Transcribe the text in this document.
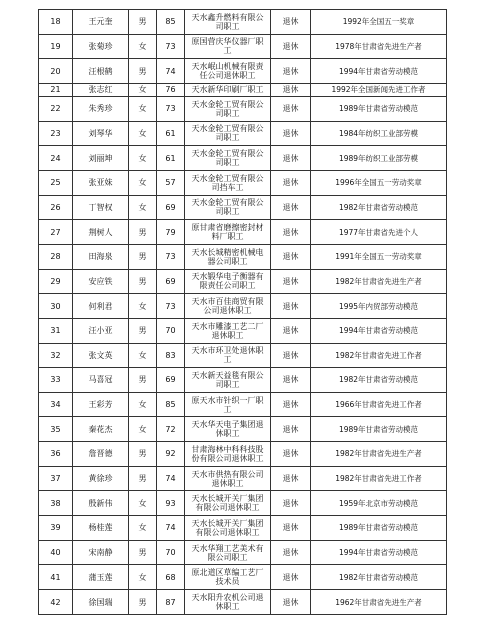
18	王元奎	男	85	天水鑫升燃料有限公司职工	退休	1992年全国五一奖章
19	张菊珍	女	73	原国营庆华仪器厂职工	退休	1978年甘肃省先进生产者
20	汪根鹤	男	74	天水岷山机械有限责任公司退休职工	退休	1994年甘肃省劳动模范
21	张志红	女	76	天水新华印刷厂职工	退休	1992年全国新闻先进工作者
22	朱秀珍	女	73	天水金轮工贸有限公司职工	退休	1989年甘肃省劳动模范
23	刘琴华	女	61	天水金轮工贸有限公司职工	退休	1984年纺织工业部劳模
24	刘丽坤	女	61	天水金轮工贸有限公司职工	退休	1989年纺织工业部劳模
25	张亚妹	女	57	天水金轮工贸有限公司挡车工	退休	1996年全国五一劳动奖章
26	丁智权	女	69	天水金轮工贸有限公司职工	退休	1982年甘肃省劳动模范
27	荆树人	男	79	原甘肃省磨擦密封材料厂职工	退休	1977年甘肃省先进个人
28	田海泉	男	73	天水长城精密机械电器公司职工	退休	1991年全国五一劳动奖章
29	安应铁	男	69	天水锻华电子衡器有限责任公司职工	退休	1982年甘肃省先进生产者
30	何利君	女	73	天水市百佳商贸有限公司退休职工	退休	1995年内贸部劳动模范
31	汪小亚	男	70	天水市雕漆工艺二厂退休职工	退休	1994年甘肃省劳动模范
32	张文英	女	83	天水市环卫处退休职工	退休	1982年甘肃省先进工作者
33	马喜冠	男	69	天水新天益毯有限公司职工	退休	1982年甘肃省劳动模范
34	王彩芳	女	85	原天水市针织一厂职工	退休	1966年甘肃省先进工作者
35	秦花杰	女	72	天水华天电子集团退休职工	退休	1989年甘肃省劳动模范
36	詹晋德	男	92	甘肃海林中科科技股份有限公司退休职工	退休	1982年甘肃省先进生产者
37	黄徐珍	男	74	天水市供热有限公司退休职工	退休	1982年甘肃省先进工作者
38	殷新伟	女	93	天水长城开关厂集团有限公司退休职工	退休	1959年北京市劳动模范
39	杨桂莲	女	74	天水长城开关厂集团有限公司退休职工	退休	1989年甘肃省劳动模范
40	宋南静	男	70	天水华翔工艺美术有限公司职工	退休	1994年甘肃省劳动模范
41	蒲玉莲	女	68	原北道区草编工艺厂技术员	退休	1982年甘肃省劳动模范
42	徐国瑞	男	87	天水阳升农机公司退休职工	退休	1962年甘肃省先进生产者
